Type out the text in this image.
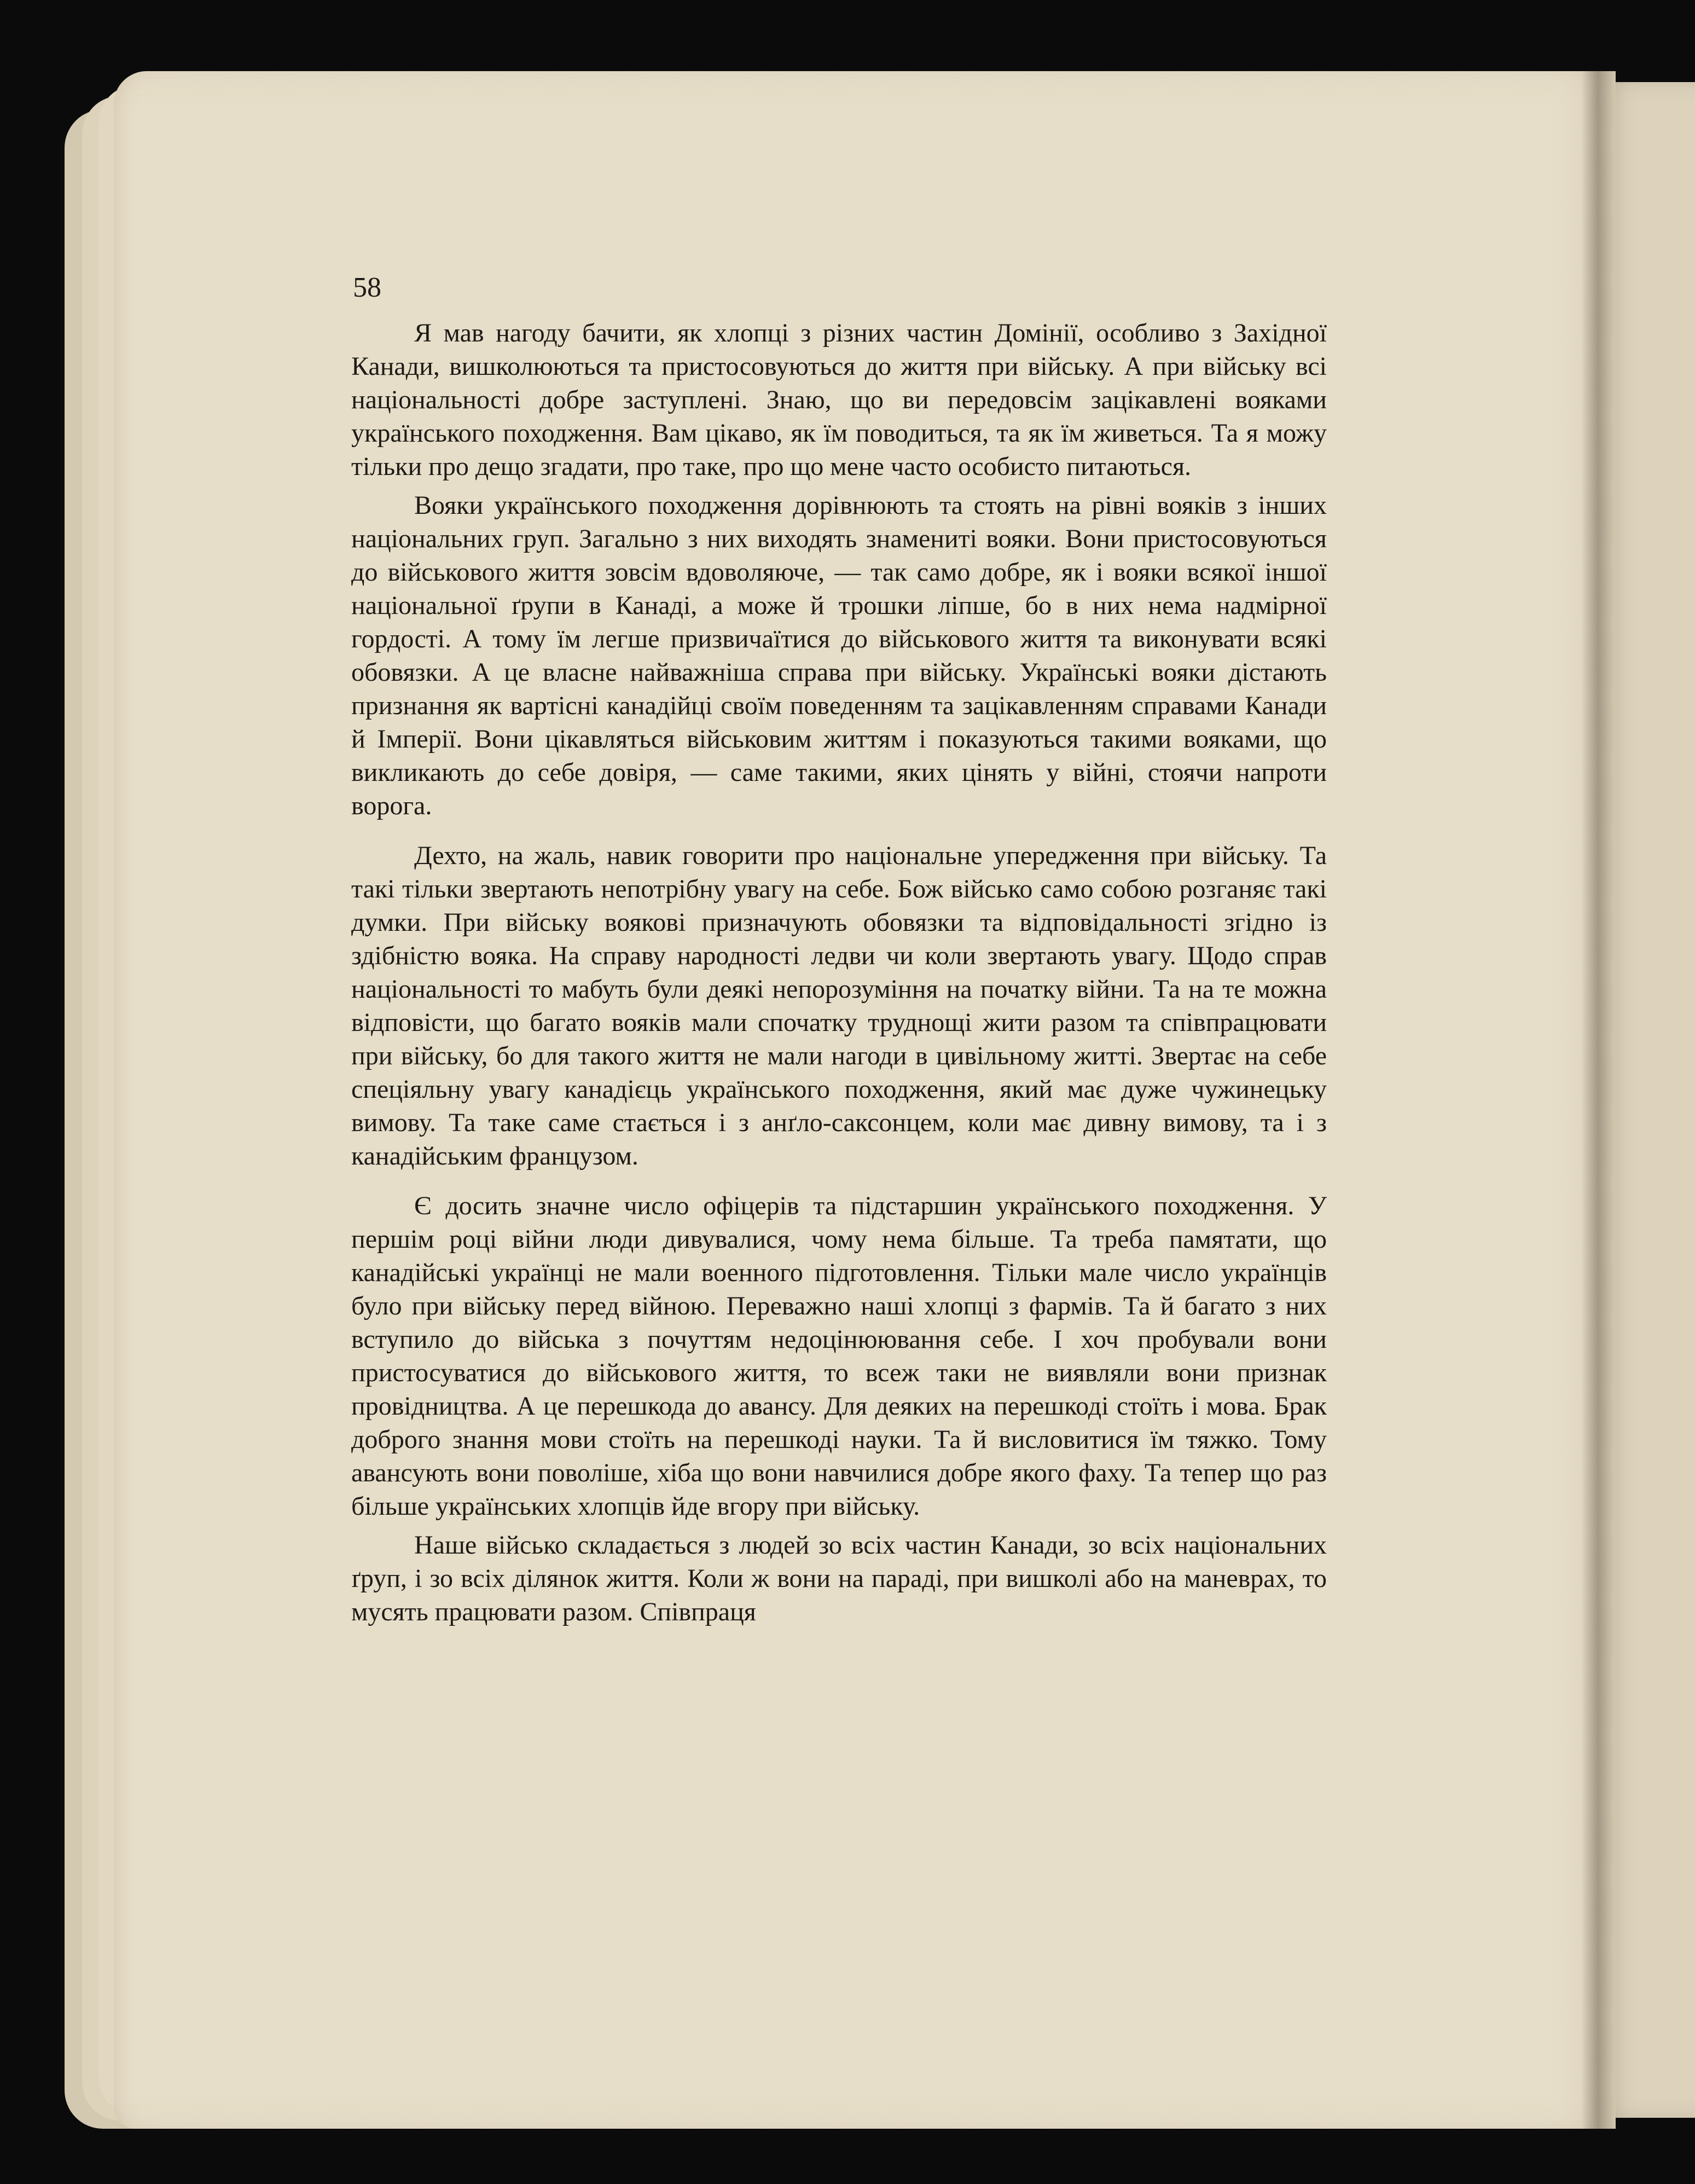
58

Я мав нагоду бачити, як хлопці з різних частин Домінії, особливо з Західної Канади, вишколюються та пристосовуються до життя при війську. А при війську всі національності добре заступлені. Знаю, що ви передовсім зацікавлені вояками українського походження. Вам цікаво, як їм поводиться, та як їм живеться. Та я можу тільки про дещо згадати, про таке, про що мене часто особисто питаються.

Вояки українського походження дорівнюють та стоять на рівні вояків з інших національних груп. Загально з них виходять знамениті вояки. Вони пристосовуються до військового життя зовсім вдоволяюче, — так само добре, як і вояки всякої іншої національної ґрупи в Канаді, а може й трошки ліпше, бо в них нема надмірної гордості. А тому їм легше призвичаїтися до військового життя та виконувати всякі обовязки. А це власне найважніша справа при війську. Українські вояки дістають признання як вартісні канадійці своїм поведенням та зацікавленням справами Канади й Імперії. Вони цікавляться військовим життям і показуються такими вояками, що викликають до себе довіря, — саме такими, яких цінять у війні, стоячи напроти ворога.

Дехто, на жаль, навик говорити про національне упередження при війську. Та такі тільки звертають непотрібну увагу на себе. Бож військо само собою розганяє такі думки. При війську воякові призначують обовязки та відповідальності згідно із здібністю вояка. На справу народності ледви чи коли звертають увагу. Щодо справ національності то мабуть були деякі непорозуміння на початку війни. Та на те можна відповісти, що багато вояків мали спочатку труднощі жити разом та співпрацювати при війську, бо для такого життя не мали нагоди в цивільному житті. Звертає на себе спеціяльну увагу канадієць українського походження, який має дуже чужинецьку вимову. Та таке саме стається і з анґло-саксонцем, коли має дивну вимову, та і з канадійським французом.

Є досить значне число офіцерів та підстаршин українського походження. У першім році війни люди дивувалися, чому нема більше. Та треба памятати, що канадійські українці не мали военного підготовлення. Тільки мале число українців було при війську перед війною. Переважно наші хлопці з фармів. Та й багато з них вступило до війська з почуттям недоцінюювання себе. І хоч пробували вони пристосуватися до військового життя, то всеж таки не виявляли вони признак провідництва. А це перешкода до авансу. Для деяких на перешкоді стоїть і мова. Брак доброго знання мови стоїть на перешкоді науки. Та й висловитися їм тяжко. Тому авансують вони поволіше, хіба що вони навчилися добре якого фаху. Та тепер що раз більше українських хлопців йде вгору при війську.

Наше військо складається з людей зо всіх частин Канади, зо всіх національних ґруп, і зо всіх ділянок життя. Коли ж вони на параді, при вишколі або на маневрах, то мусять працювати разом. Співпраця
